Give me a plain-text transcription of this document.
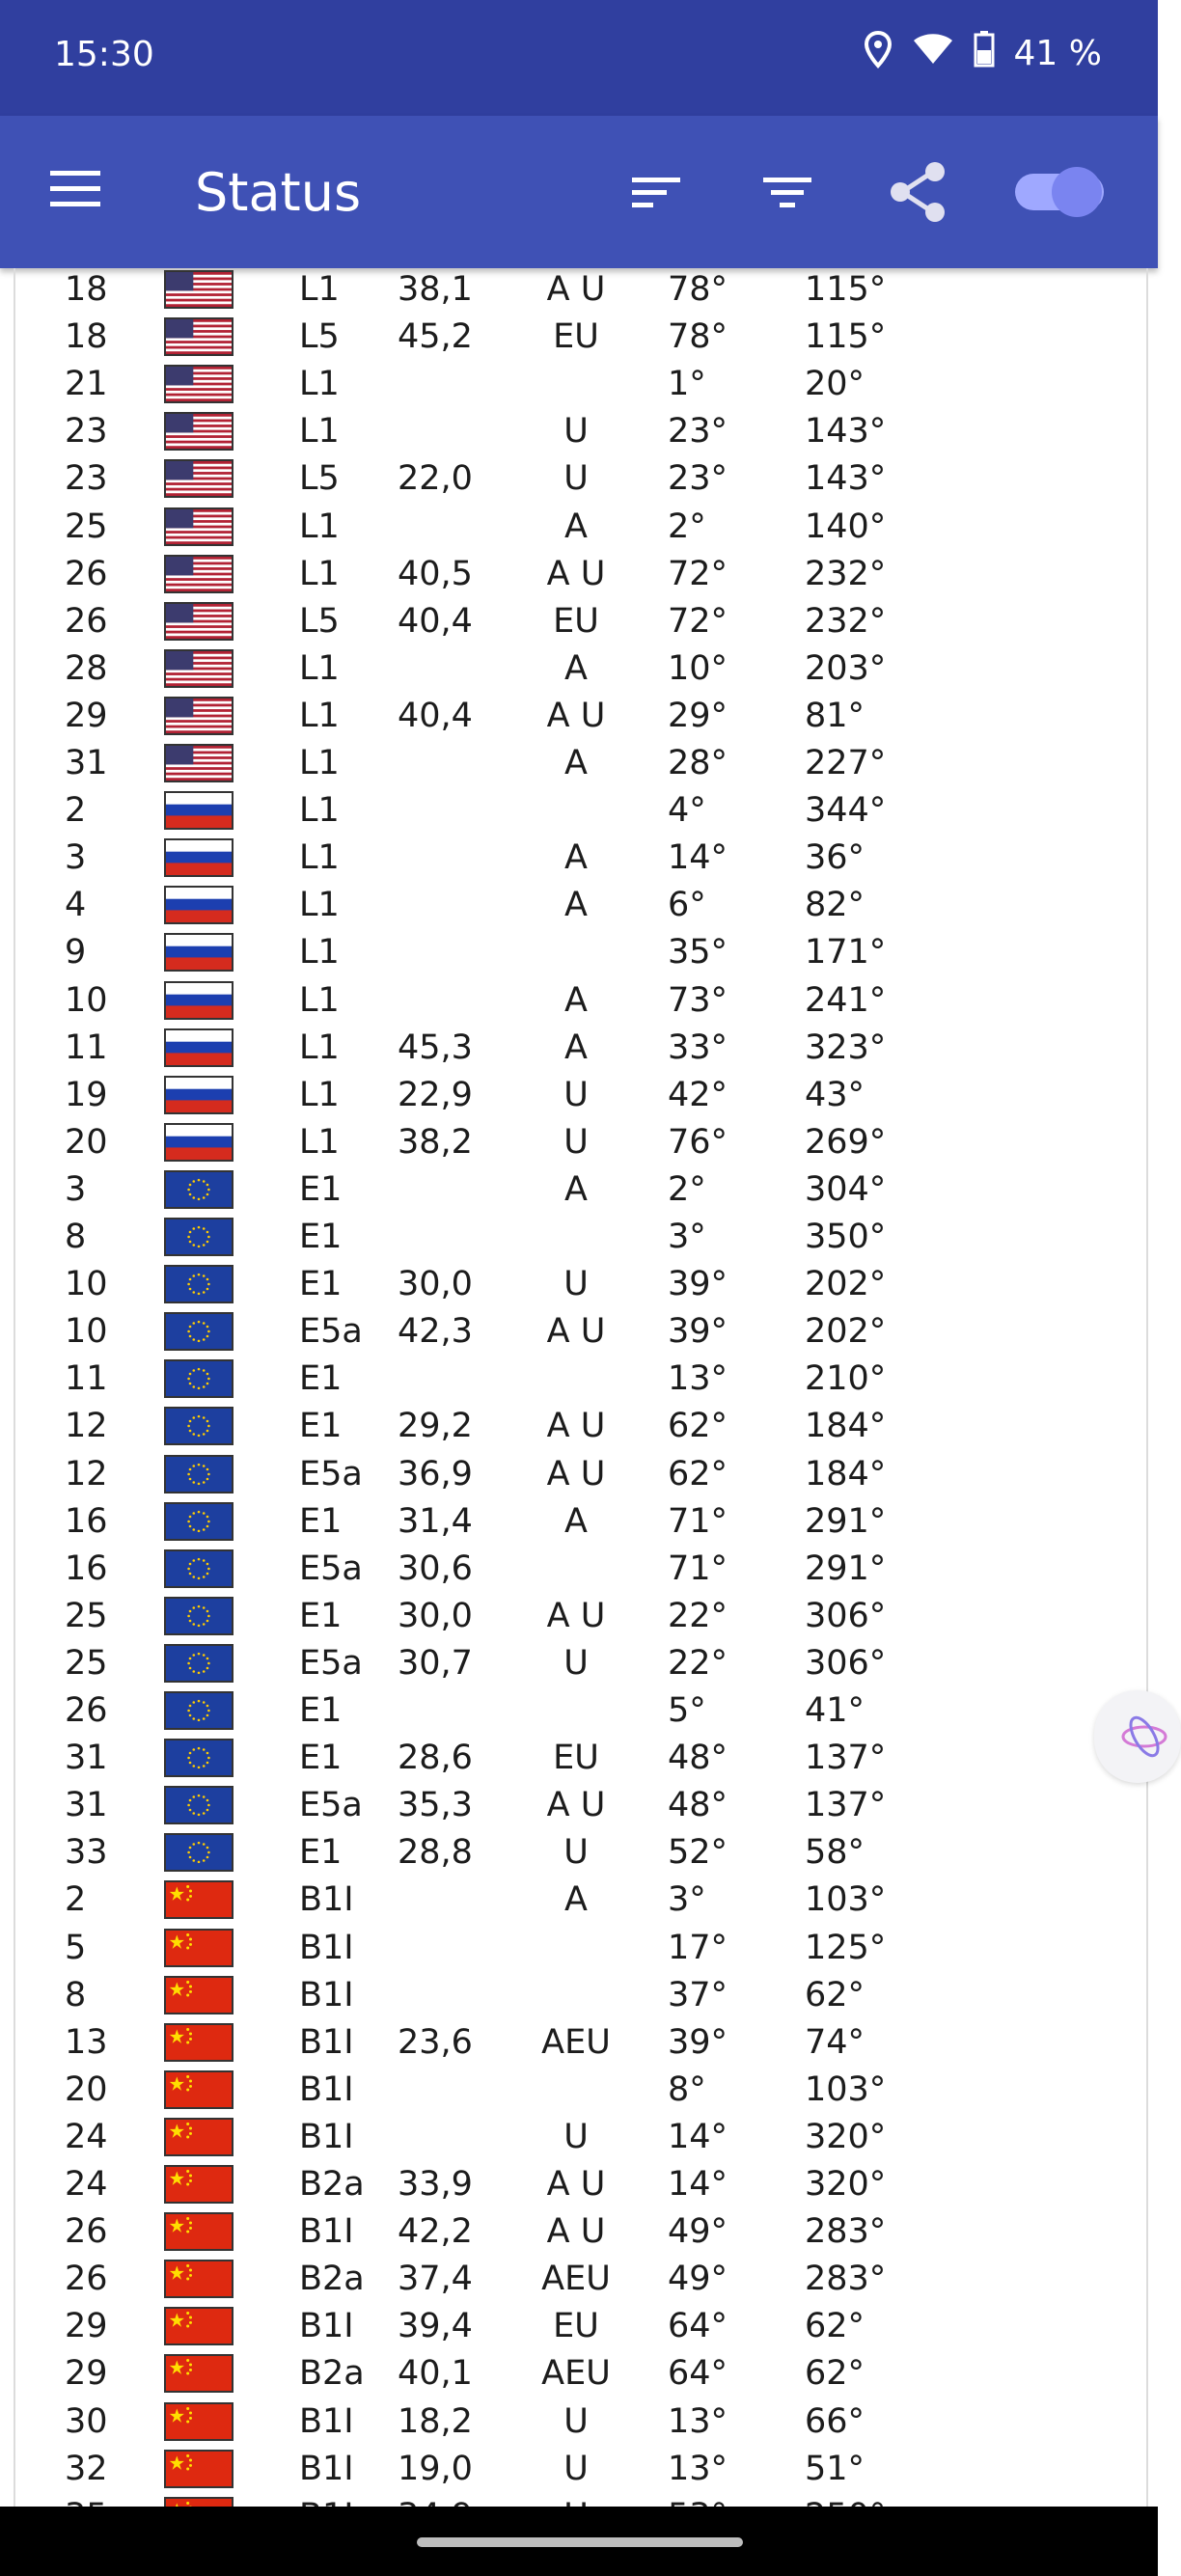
15:30	41 %
Status
18	L1 38,1	A U	78° 115°
18	L5 45,2	EU	78° 115°
21	L1	1°	20°
23	L1	U	23° 143°
23	L5 22,0	U	23° 143°
25	L1	A	2°	140°
26	L1 40,5	A U	72° 232°
26	L5 40,4	EU	72° 232°
28	L1	A	10° 203°
29	L1 40,4	A U	29° 81°
31	L1	A	28° 227°
2	L1	4°	344°
3	L1	A	14° 36°
4	L1	A	6°	82°
9	L1	35° 171°
10	L1	A	73° 241°
11	L1 45,3	A	33° 323°
19	L1 22,9	U	42° 43°
20	L1 38,2	U	76° 269°
3	E1	A	2°	304°
8	E1	3°	350°
10	E1 30,0	U	39° 202°
10	E5a 42,3	A U	39° 202°
11	E1	13° 210°
12	E1 29,2	A U	62° 184°
12	E5a 36,9	A U	62° 184°
16	E1 31,4	A	71° 291°
16	E5a 30,6	71° 291°
25	E1 30,0	A U	22° 306°
25	E5a 30,7	U	22° 306°
26	E1	5°	41°
31	E1 28,6	EU	48° 137°
31	E5a 35,3	A U	48° 137°
33	E1 28,8	U	52° 58°
2	B1I	A	3°	103°
5	B1I	17° 125°
8	B1I	37° 62°
13	B1I 23,6	AEU	39° 74°
20	B1I	8°	103°
24	B1I	U	14° 320°
24	B2a 33,9	A U	14° 320°
26	B1I 42,2	A U	49° 283°
26	B2a 37,4	AEU	49° 283°
29	B1I 39,4	EU	64° 62°
29	B2a 40,1	AEU	64° 62°
30	B1I 18,2	U	13° 66°
32	B1I 19,0	U	13° 51°
